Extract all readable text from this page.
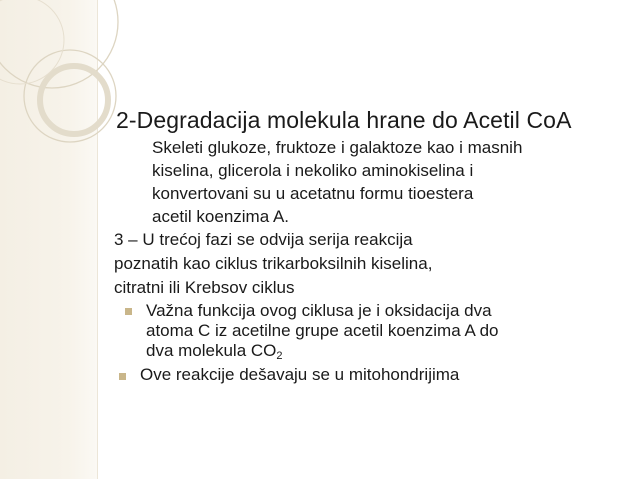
2-Degradacija molekula hrane do Acetil CoA

Skeleti glukoze, fruktoze i galaktoze kao i masnih

kiselina, glicerola i nekoliko aminokiselina i

konvertovani su u acetatnu formu tioestera

acetil koenzima A.

3 – U trećoj fazi se odvija serija reakcija

poznatih kao ciklus trikarboksilnih kiselina,

citratni ili Krebsov ciklus

Važna funkcija ovog ciklusa je i oksidacija dva
atoma C iz acetilne grupe acetil koenzima A do
dva molekula $CO_2$
Ove reakcije dešavaju se u mitohondrijima
